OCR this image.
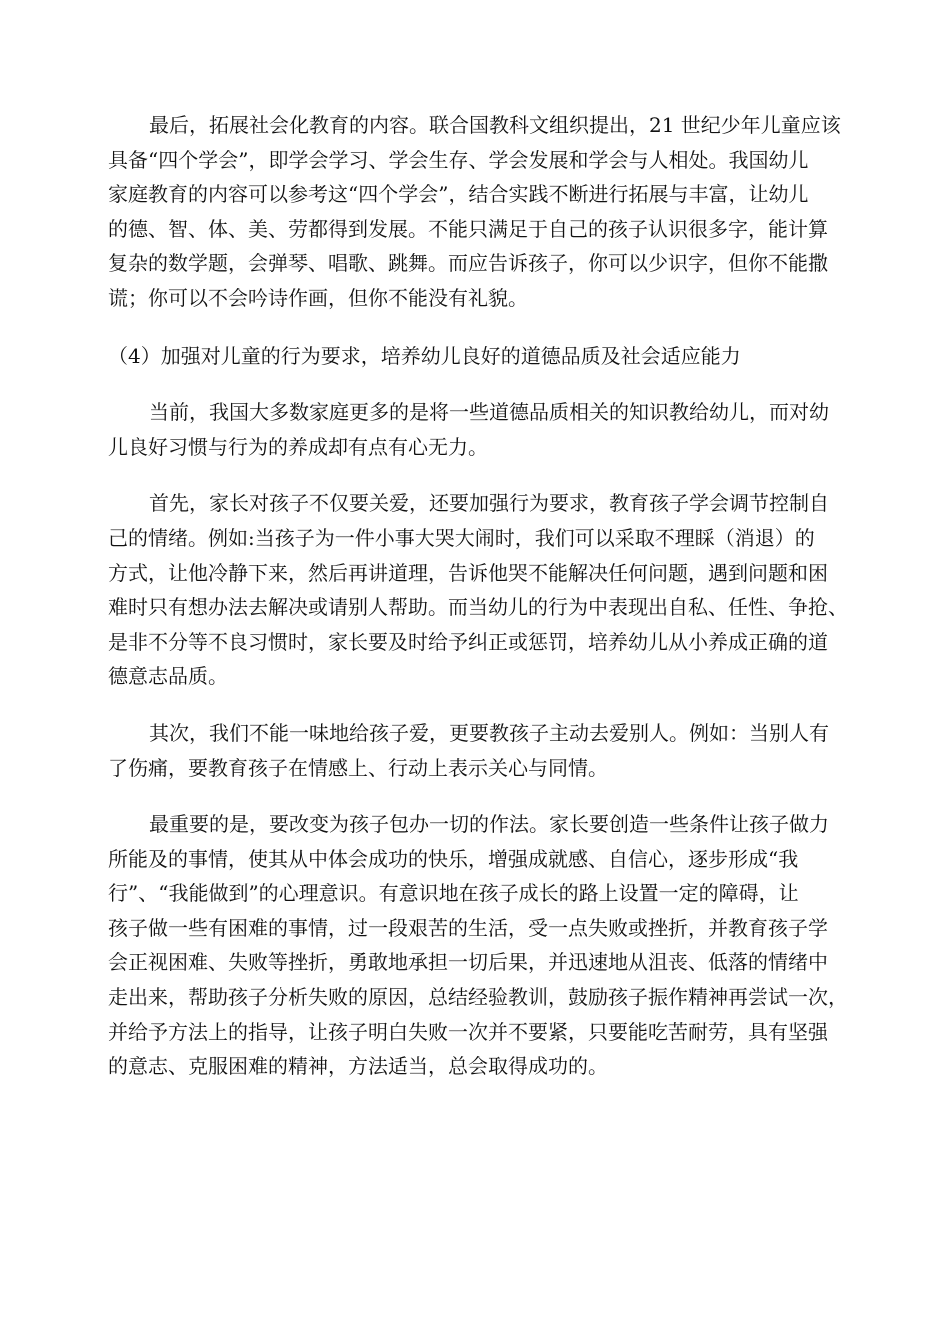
最后，拓展社会化教育的内容。联合国教科文组织提出，21 世纪少年儿童应该
具备“四个学会”，即学会学习、学会生存、学会发展和学会与人相处。我国幼儿
家庭教育的内容可以参考这“四个学会”，结合实践不断进行拓展与丰富，让幼儿
的德、智、体、美、劳都得到发展。不能只满足于自己的孩子认识很多字，能计算
复杂的数学题，会弹琴、唱歌、跳舞。而应告诉孩子，你可以少识字，但你不能撒
谎；你可以不会吟诗作画，但你不能没有礼貌。
（4）加强对儿童的行为要求，培养幼儿良好的道德品质及社会适应能力
当前，我国大多数家庭更多的是将一些道德品质相关的知识教给幼儿，而对幼
儿良好习惯与行为的养成却有点有心无力。
首先，家长对孩子不仅要关爱，还要加强行为要求，教育孩子学会调节控制自
己的情绪。例如:当孩子为一件小事大哭大闹时，我们可以采取不理睬（消退）的
方式，让他冷静下来，然后再讲道理，告诉他哭不能解决任何问题，遇到问题和困
难时只有想办法去解决或请别人帮助。而当幼儿的行为中表现出自私、任性、争抢、
是非不分等不良习惯时，家长要及时给予纠正或惩罚，培养幼儿从小养成正确的道
德意志品质。
其次，我们不能一味地给孩子爱，更要教孩子主动去爱别人。例如：当别人有
了伤痛，要教育孩子在情感上、行动上表示关心与同情。
最重要的是，要改变为孩子包办一切的作法。家长要创造一些条件让孩子做力
所能及的事情，使其从中体会成功的快乐，增强成就感、自信心，逐步形成“我
行”、“我能做到”的心理意识。有意识地在孩子成长的路上设置一定的障碍，让
孩子做一些有困难的事情，过一段艰苦的生活，受一点失败或挫折，并教育孩子学
会正视困难、失败等挫折，勇敢地承担一切后果，并迅速地从沮丧、低落的情绪中
走出来，帮助孩子分析失败的原因，总结经验教训，鼓励孩子振作精神再尝试一次，
并给予方法上的指导，让孩子明白失败一次并不要紧，只要能吃苦耐劳，具有坚强
的意志、克服困难的精神，方法适当，总会取得成功的。
